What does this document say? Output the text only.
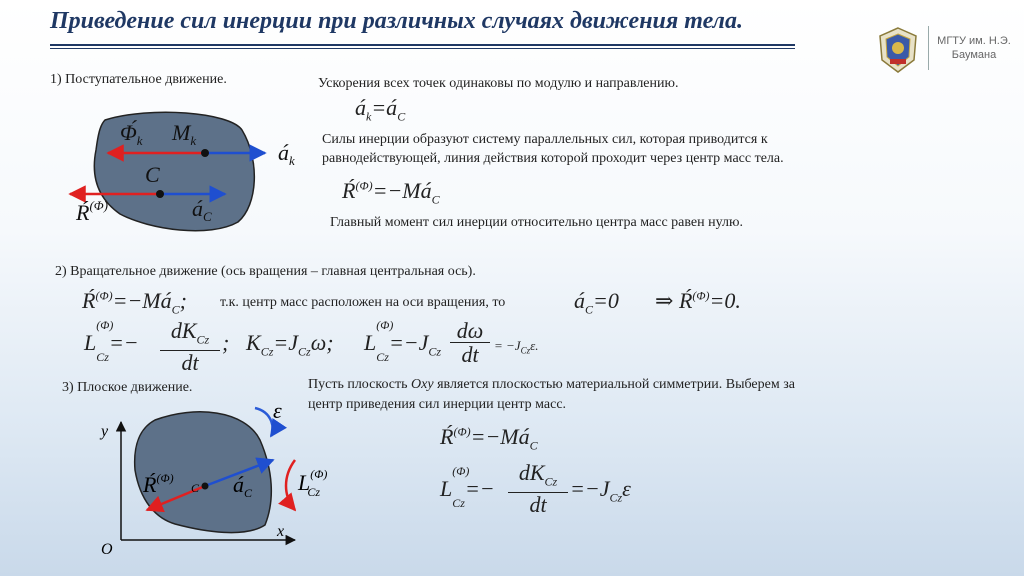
Приведение сил инерции при различных случаях движения тела.
МГТУ им. Н.Э.
Баумана
1) Поступательное движение.	Ускорения всех точек одинаковы по модулю и направлению.
$á_k=á_C$
Силы инерции образуют систему параллельных сил, которая приводится к
равнодействующей, линия действия которой проходит через центр масс тела.
$Ŕ^{(\Phi)}=-Má_C$
Главный момент сил инерции относительно центра масс равен нулю.
$\Phí_k$ $M_k$	$á_k$
C
$Ŕ^{(\Phi)}$	$á_C$
2) Вращательное движение (ось вращения – главная центральная ось).
$Ŕ^{(\Phi)}=-Má_C$; т.к. центр масс расположен на оси вращения, то	$á_C=0$ ⇒ $Ŕ^{(\Phi)}=0$.
L
(Φ)
$_{Cz}$=−	$dK_{Cz}$
dt
; $K_{Cz}=J_{Cz}\omega$; L
(Φ)
$_{Cz}=-J_{Cz}$
dω
dt	= $-J_{Cz}\varepsilon$.
3) Плоское движение.	Пусть плоскость Oxy является плоскостью материальной симметрии. Выберем за
центр приведения сил инерции центр масс.
$Ŕ^{(\Phi)}=-Má_C$
L
(Φ)
$_{Cz}$=−
$dK_{Cz}$
dt
$=-J_{Cz}\varepsilon$
y
x
O
ε
$Ŕ^{(\Phi)}$
C $á_C$ $L^{(\Phi)}$ Cz
